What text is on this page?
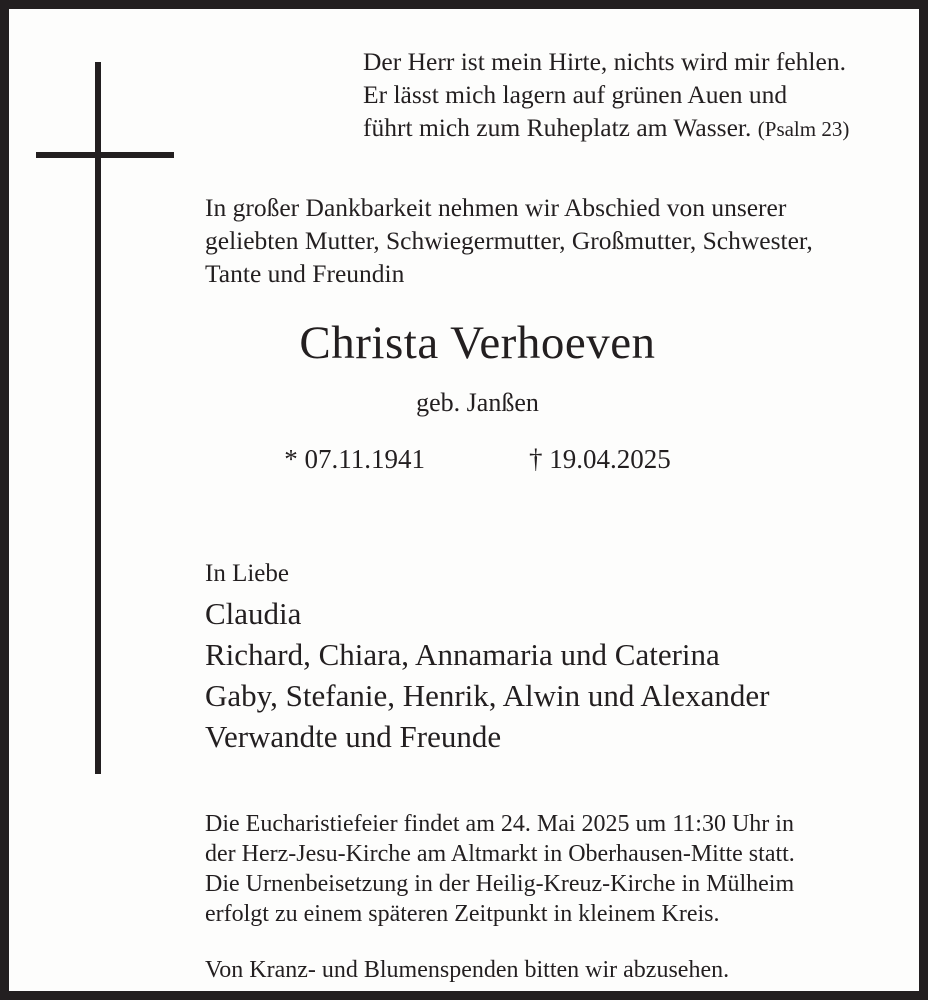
Der Herr ist mein Hirte, nichts wird mir fehlen.
Er lässt mich lagern auf grünen Auen und
führt mich zum Ruheplatz am Wasser. (Psalm 23)
In großer Dankbarkeit nehmen wir Abschied von unserer
geliebten Mutter, Schwiegermutter, Großmutter, Schwester,
Tante und Freundin
Christa Verhoeven
geb. Janßen
* 07.11.1941	† 19.04.2025
In Liebe
Claudia
Richard, Chiara, Annamaria und Caterina
Gaby, Stefanie, Henrik, Alwin und Alexander
Verwandte und Freunde
Die Eucharistiefeier findet am 24. Mai 2025 um 11:30 Uhr in
der Herz-Jesu-Kirche am Altmarkt in Oberhausen-Mitte statt.
Die Urnenbeisetzung in der Heilig-Kreuz-Kirche in Mülheim
erfolgt zu einem späteren Zeitpunkt in kleinem Kreis.
Von Kranz- und Blumenspenden bitten wir abzusehen.
